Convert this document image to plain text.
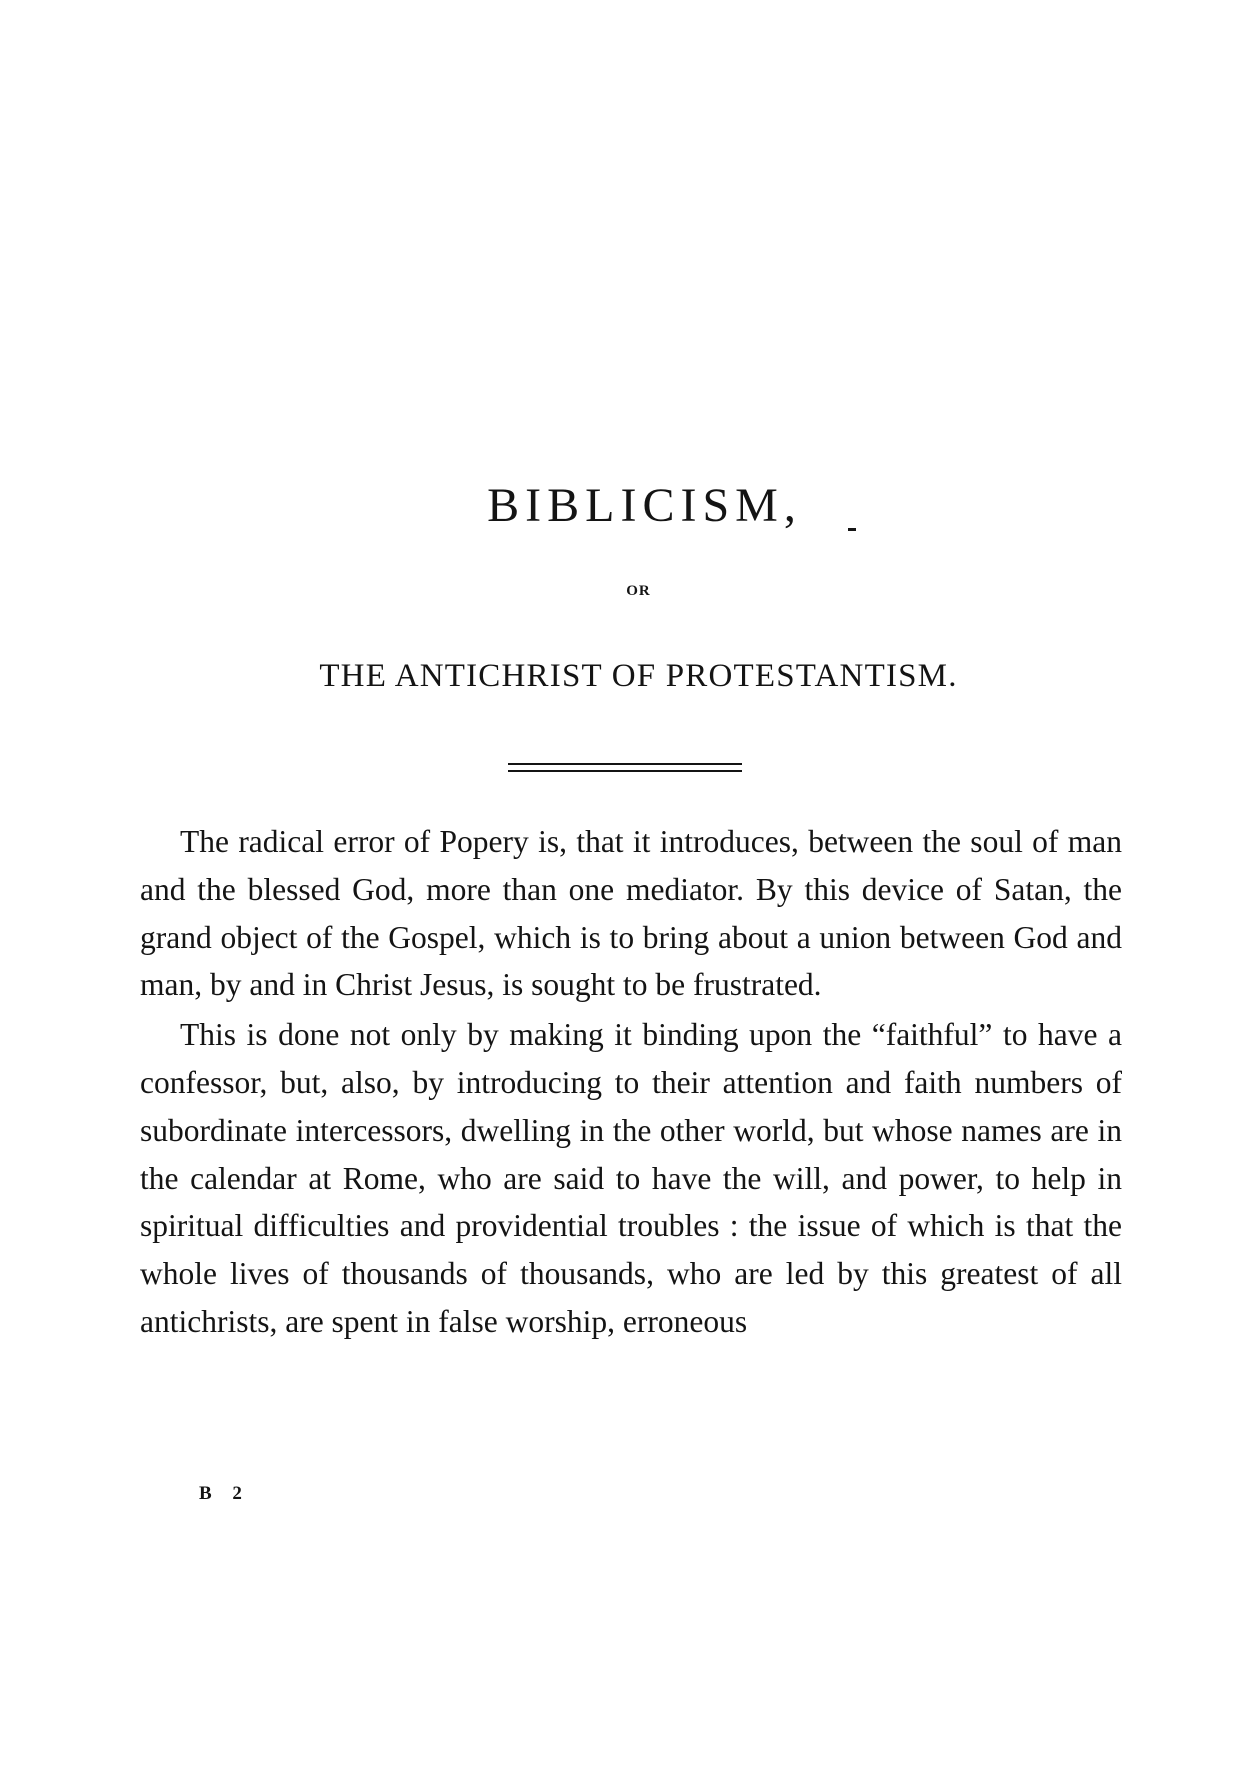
BIBLICISM,
OR
THE ANTICHRIST OF PROTESTANTISM.

The radical error of Popery is, that it introduces, between the soul of man and the blessed God, more than one mediator. By this device of Satan, the grand object of the Gospel, which is to bring about a union between God and man, by and in Christ Jesus, is sought to be frustrated.

This is done not only by making it binding upon the “faithful” to have a confessor, but, also, by introducing to their attention and faith numbers of subordinate intercessors, dwelling in the other world, but whose names are in the calendar at Rome, who are said to have the will, and power, to help in spiritual difficulties and providential troubles : the issue of which is that the whole lives of thousands of thousands, who are led by this greatest of all antichrists, are spent in false worship, erroneous

B 2
